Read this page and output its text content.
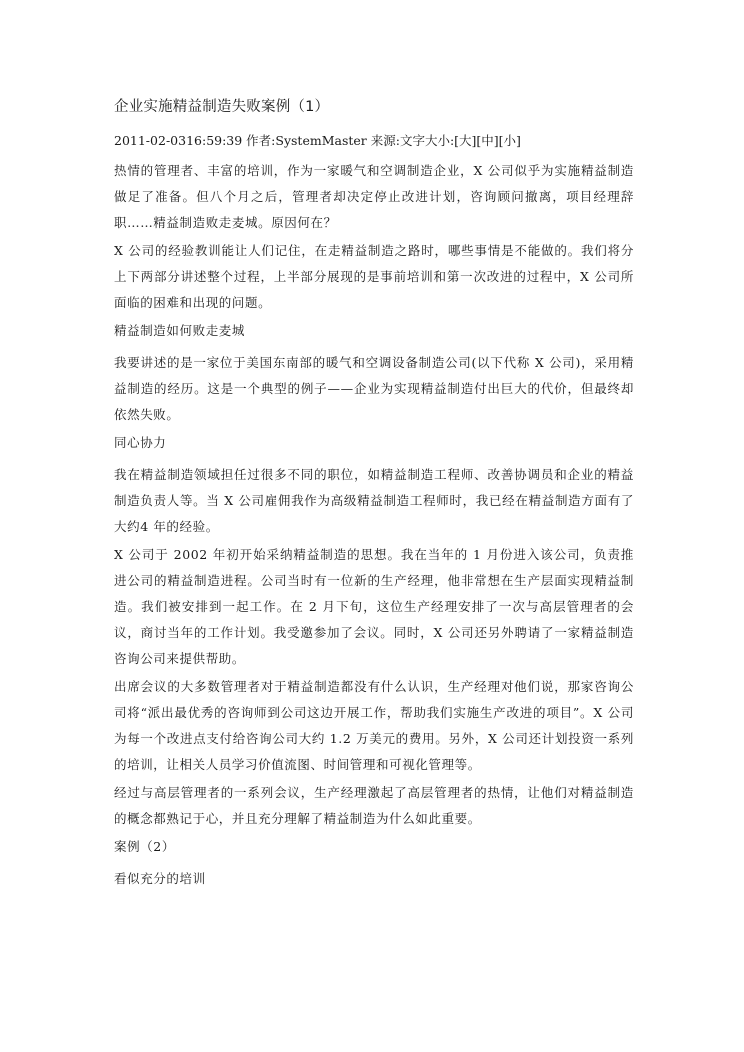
企业实施精益制造失败案例（1）
2011-02-0316:59:39 作者:SystemMaster 来源:文字大小:[大][中][小]

热情的管理者、丰富的培训，作为一家暖气和空调制造企业，X 公司似乎为实施精益制造做足了准备。但八个月之后，管理者却决定停止改进计划，咨询顾问撤离，项目经理辞职……精益制造败走麦城。原因何在？

X 公司的经验教训能让人们记住，在走精益制造之路时，哪些事情是不能做的。我们将分上下两部分讲述整个过程，上半部分展现的是事前培训和第一次改进的过程中，X 公司所面临的困难和出现的问题。

精益制造如何败走麦城

我要讲述的是一家位于美国东南部的暖气和空调设备制造公司(以下代称 X 公司)，采用精益制造的经历。这是一个典型的例子——企业为实现精益制造付出巨大的代价，但最终却依然失败。

同心协力

我在精益制造领域担任过很多不同的职位，如精益制造工程师、改善协调员和企业的精益制造负责人等。当 X 公司雇佣我作为高级精益制造工程师时，我已经在精益制造方面有了大约4 年的经验。

X 公司于 2002 年初开始采纳精益制造的思想。我在当年的 1 月份进入该公司，负责推进公司的精益制造进程。公司当时有一位新的生产经理，他非常想在生产层面实现精益制造。我们被安排到一起工作。在 2 月下旬，这位生产经理安排了一次与高层管理者的会议，商讨当年的工作计划。我受邀参加了会议。同时，X 公司还另外聘请了一家精益制造咨询公司来提供帮助。

出席会议的大多数管理者对于精益制造都没有什么认识，生产经理对他们说，那家咨询公司将“派出最优秀的咨询师到公司这边开展工作，帮助我们实施生产改进的项目”。X 公司为每一个改进点支付给咨询公司大约 1.2 万美元的费用。另外，X 公司还计划投资一系列的培训，让相关人员学习价值流图、时间管理和可视化管理等。

经过与高层管理者的一系列会议，生产经理激起了高层管理者的热情，让他们对精益制造的概念都熟记于心，并且充分理解了精益制造为什么如此重要。

案例（2）
看似充分的培训
